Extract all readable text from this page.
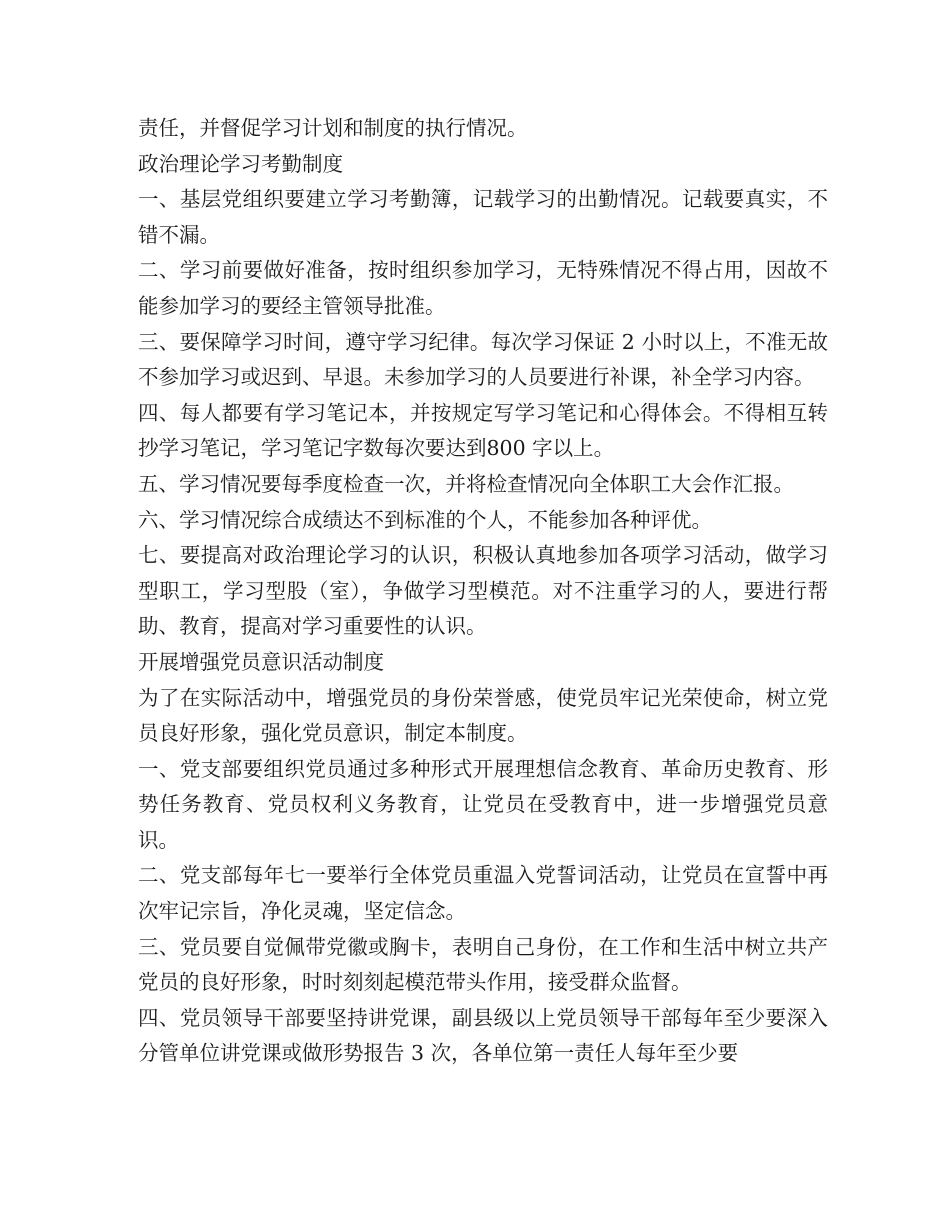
责任，并督促学习计划和制度的执行情况。

政治理论学习考勤制度

一、基层党组织要建立学习考勤簿，记载学习的出勤情况。记载要真实，不错不漏。

二、学习前要做好准备，按时组织参加学习，无特殊情况不得占用，因故不能参加学习的要经主管领导批准。

三、要保障学习时间，遵守学习纪律。每次学习保证 2 小时以上，不准无故不参加学习或迟到、早退。未参加学习的人员要进行补课，补全学习内容。

四、每人都要有学习笔记本，并按规定写学习笔记和心得体会。不得相互转抄学习笔记，学习笔记字数每次要达到800 字以上。

五、学习情况要每季度检查一次，并将检查情况向全体职工大会作汇报。

六、学习情况综合成绩达不到标准的个人，不能参加各种评优。

七、要提高对政治理论学习的认识，积极认真地参加各项学习活动，做学习型职工，学习型股（室），争做学习型模范。对不注重学习的人，要进行帮助、教育，提高对学习重要性的认识。

开展增强党员意识活动制度

为了在实际活动中，增强党员的身份荣誉感，使党员牢记光荣使命，树立党员良好形象，强化党员意识，制定本制度。

一、党支部要组织党员通过多种形式开展理想信念教育、革命历史教育、形势任务教育、党员权利义务教育，让党员在受教育中，进一步增强党员意识。

二、党支部每年七一要举行全体党员重温入党誓词活动，让党员在宣誓中再次牢记宗旨，净化灵魂，坚定信念。

三、党员要自觉佩带党徽或胸卡，表明自己身份，在工作和生活中树立共产党员的良好形象，时时刻刻起模范带头作用，接受群众监督。

四、党员领导干部要坚持讲党课，副县级以上党员领导干部每年至少要深入分管单位讲党课或做形势报告 3 次，各单位第一责任人每年至少要
